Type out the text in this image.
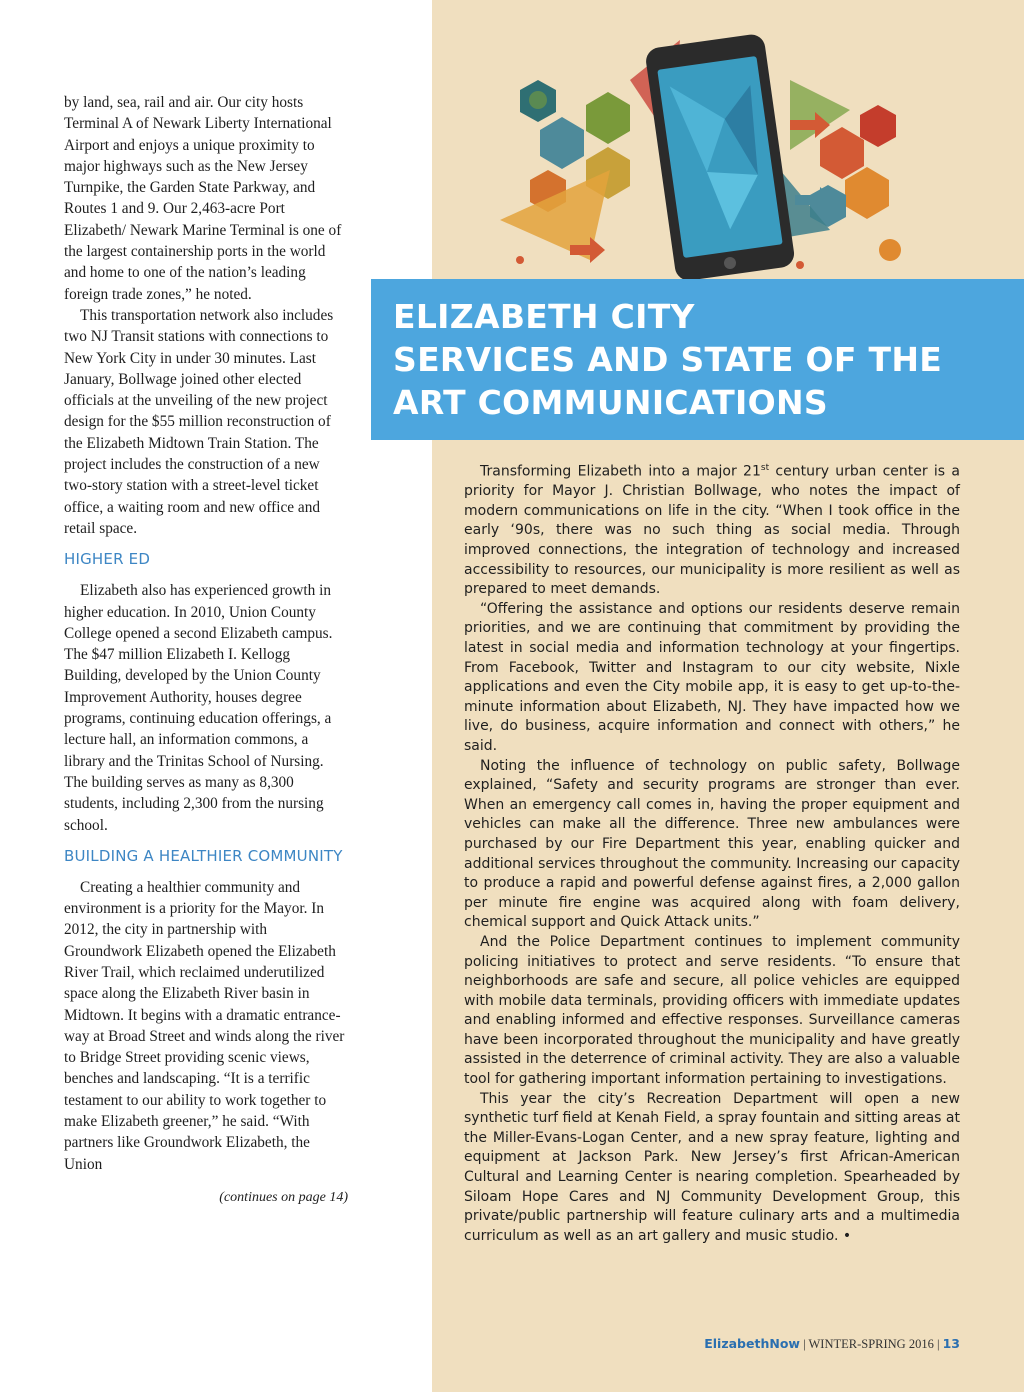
by land, sea, rail and air. Our city hosts Terminal A of Newark Liberty International Airport and enjoys a unique proximity to major highways such as the New Jersey Turnpike, the Garden State Parkway, and Routes 1 and 9. Our 2,463-acre Port Elizabeth/ Newark Marine Terminal is one of the largest containership ports in the world and home to one of the nation’s leading foreign trade zones,” he noted.

This transportation network also includes two NJ Transit stations with connections to New York City in under 30 minutes. Last January, Bollwage joined other elected officials at the unveiling of the new project design for the $55 million reconstruction of the Elizabeth Midtown Train Station. The project includes the construction of a new two-story station with a street-level ticket office, a waiting room and new office and retail space.

HIGHER ED

Elizabeth also has experienced growth in higher education. In 2010, Union County College opened a second Elizabeth campus. The $47 million Elizabeth I. Kellogg Building, developed by the Union County Improvement Authority, houses degree programs, continuing education offerings, a lecture hall, an information commons, a library and the Trinitas School of Nursing. The building serves as many as 8,300 students, including 2,300 from the nursing school.

BUILDING A HEALTHIER COMMUNITY

Creating a healthier community and environment is a priority for the Mayor. In 2012, the city in partnership with Groundwork Elizabeth opened the Elizabeth River Trail, which reclaimed underutilized space along the Elizabeth River basin in Midtown. It begins with a dramatic entrance-way at Broad Street and winds along the river to Bridge Street providing scenic views, benches and landscaping. “It is a terrific testament to our ability to work together to make Elizabeth greener,” he said. “With partners like Groundwork Elizabeth, the Union

(continues on page 14)
ELIZABETH CITY
SERVICES AND STATE OF THE
ART COMMUNICATIONS

Transforming Elizabeth into a major 21st century urban center is a priority for Mayor J. Christian Bollwage, who notes the impact of modern communications on life in the city. “When I took office in the early ‘90s, there was no such thing as social media. Through improved connections, the integration of technology and increased accessibility to resources, our municipality is more resilient as well as prepared to meet demands.

“Offering the assistance and options our residents deserve remain priorities, and we are continuing that commitment by providing the latest in social media and information technology at your fingertips. From Facebook, Twitter and Instagram to our city website, Nixle applications and even the City mobile app, it is easy to get up-to-the-minute information about Elizabeth, NJ. They have impacted how we live, do business, acquire information and connect with others,” he said.

Noting the influence of technology on public safety, Bollwage explained, “Safety and security programs are stronger than ever. When an emergency call comes in, having the proper equipment and vehicles can make all the difference. Three new ambulances were purchased by our Fire Department this year, enabling quicker and additional services throughout the community. Increasing our capacity to produce a rapid and powerful defense against fires, a 2,000 gallon per minute fire engine was acquired along with foam delivery, chemical support and Quick Attack units.”

And the Police Department continues to implement community policing initiatives to protect and serve residents. “To ensure that neighborhoods are safe and secure, all police vehicles are equipped with mobile data terminals, providing officers with immediate updates and enabling informed and effective responses. Surveillance cameras have been incorporated throughout the municipality and have greatly assisted in the deterrence of criminal activity. They are also a valuable tool for gathering important information pertaining to investigations.

This year the city’s Recreation Department will open a new synthetic turf field at Kenah Field, a spray fountain and sitting areas at the Miller-Evans-Logan Center, and a new spray feature, lighting and equipment at Jackson Park. New Jersey’s first African-American Cultural and Learning Center is nearing completion. Spearheaded by Siloam Hope Cares and NJ Community Development Group, this private/public partnership will feature culinary arts and a multimedia curriculum as well as an art gallery and music studio. •

ElizabethNow | WINTER-SPRING 2016 | 13
